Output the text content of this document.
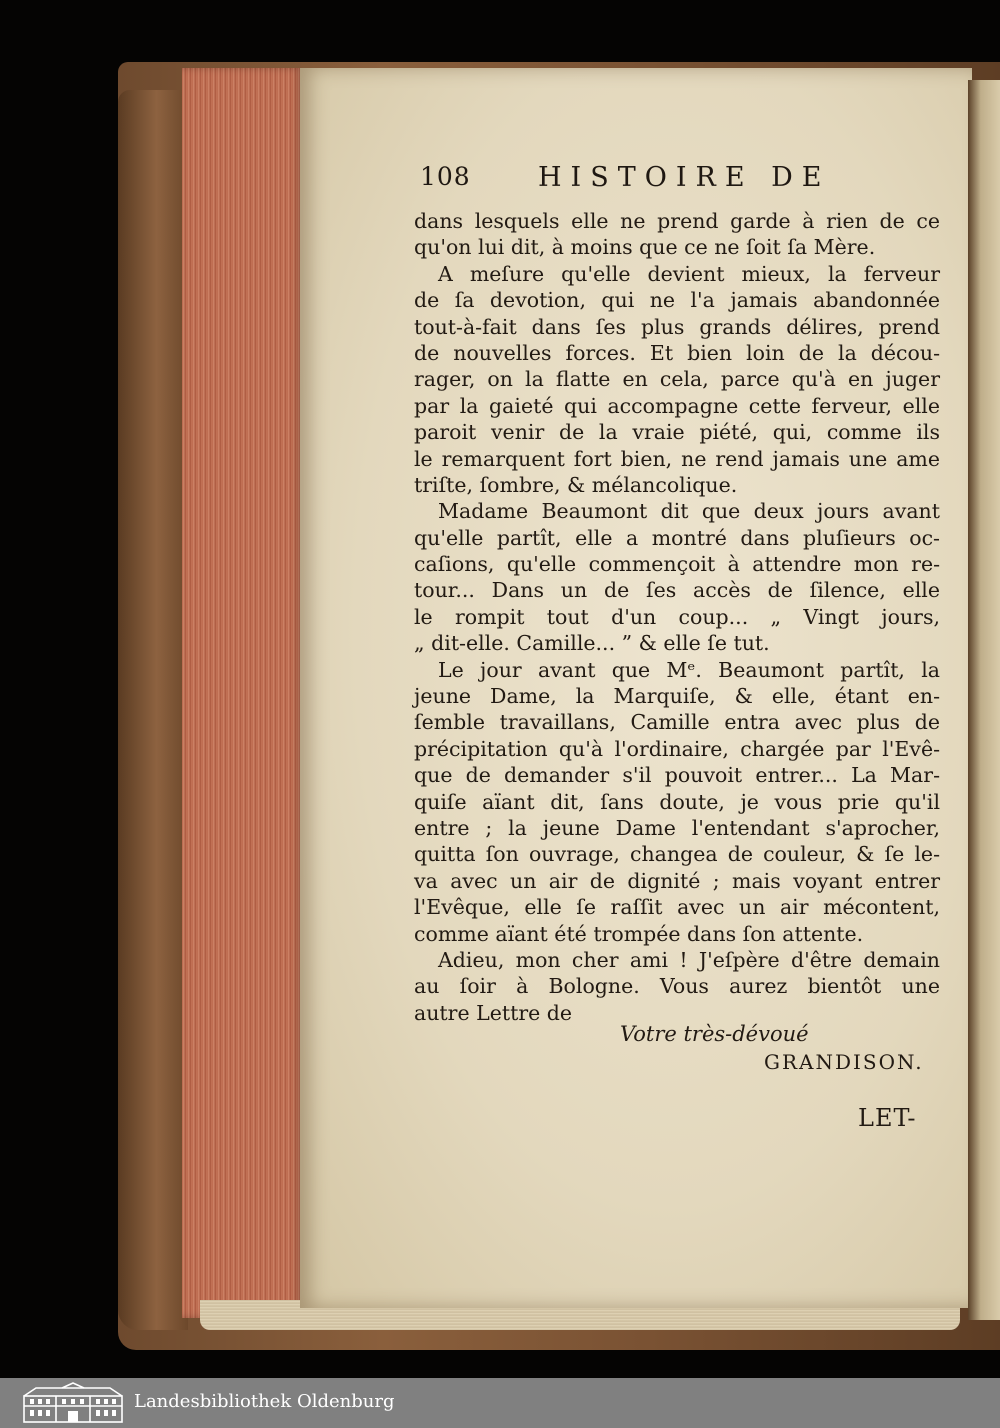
108 HISTOIRE DE
dans lesquels elle ne prend garde à rien de ce
qu'on lui dit, à moins que ce ne ſoit ſa Mère.
A meſure qu'elle devient mieux, la ferveur
de ſa devotion, qui ne l'a jamais abandonnée
tout-à-fait dans ſes plus grands délires, prend
de nouvelles forces. Et bien loin de la décou-
rager, on la flatte en cela, parce qu'à en juger
par la gaieté qui accompagne cette ferveur, elle
paroit venir de la vraie piété, qui, comme ils
le remarquent fort bien, ne rend jamais une ame
triſte, ſombre, & mélancolique.
Madame Beaumont dit que deux jours avant
qu'elle partît, elle a montré dans pluſieurs oc-
caſions, qu'elle commençoit à attendre mon re-
tour... Dans un de ſes accès de ſilence, elle
le rompit tout d'un coup... „ Vingt jours,
„ dit-elle. Camille... ” & elle ſe tut.
Le jour avant que Mᵉ. Beaumont partît, la
jeune Dame, la Marquiſe, & elle, étant en-
ſemble travaillans, Camille entra avec plus de
précipitation qu'à l'ordinaire, chargée par l'Evê-
que de demander s'il pouvoit entrer... La Mar-
quiſe aïant dit, ſans doute, je vous prie qu'il
entre ; la jeune Dame l'entendant s'aprocher,
quitta ſon ouvrage, changea de couleur, & ſe le-
va avec un air de dignité ; mais voyant entrer
l'Evêque, elle ſe raſſit avec un air mécontent,
comme aïant été trompée dans ſon attente.
Adieu, mon cher ami ! J'eſpère d'être demain
au ſoir à Bologne. Vous aurez bientôt une
autre Lettre de
Votre très-dévoué
GRANDISON.
LET-
Landesbibliothek Oldenburg
